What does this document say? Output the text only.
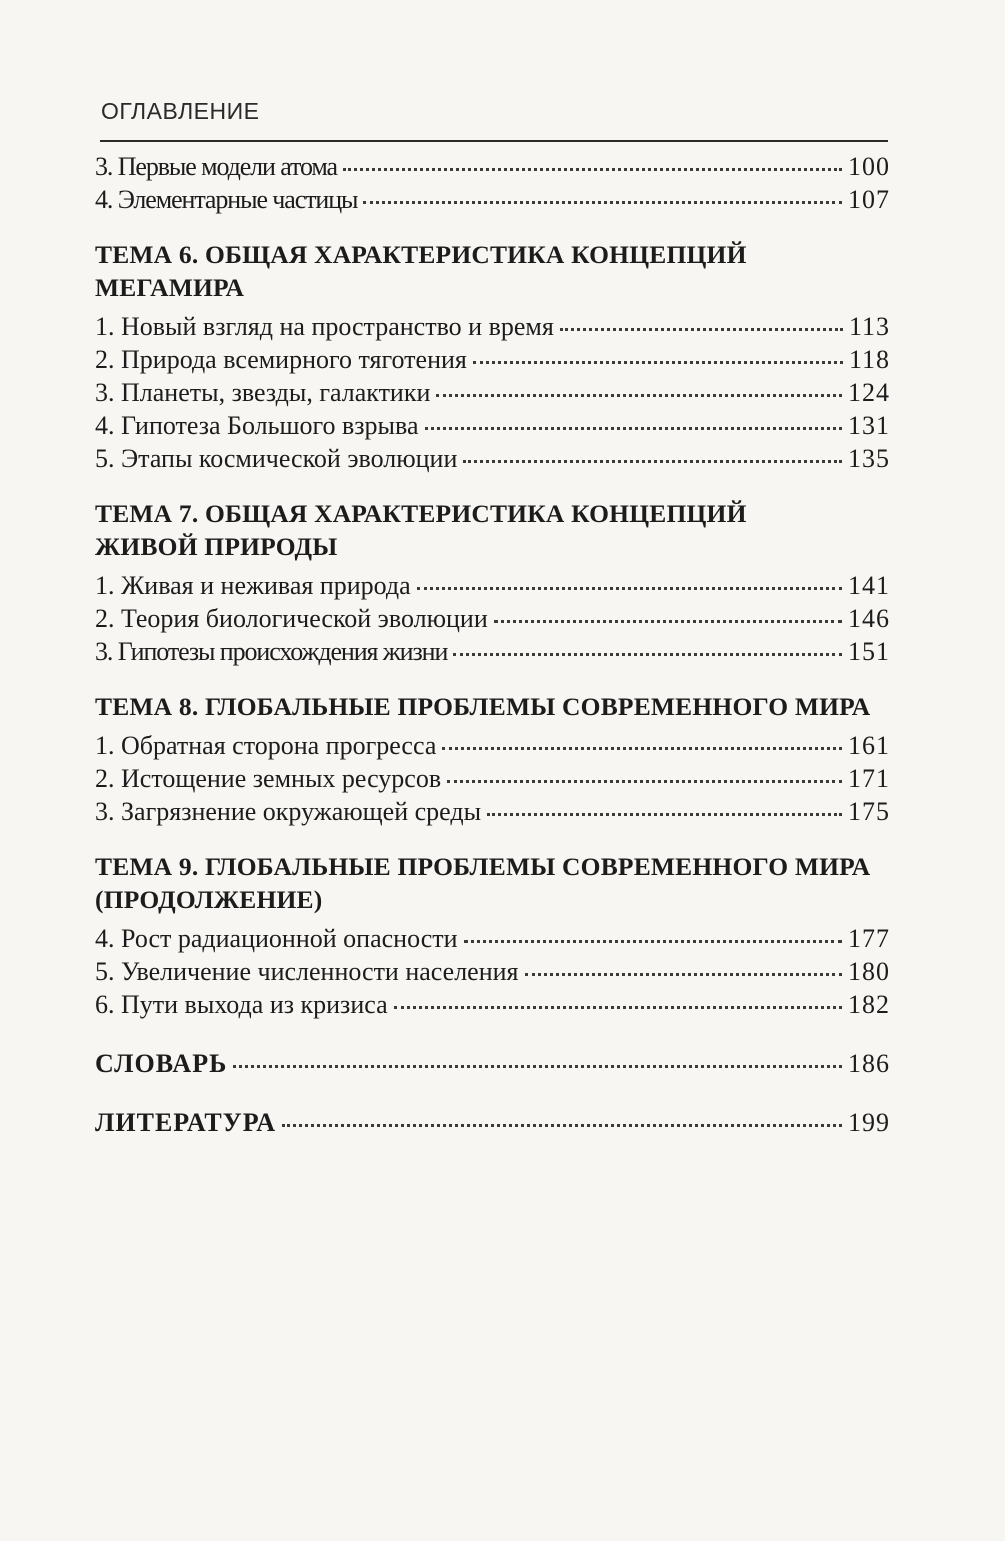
ОГЛАВЛЕНИЕ
3. Первые модели атома	100
4. Элементарные частицы	107
ТЕМА 6. ОБЩАЯ ХАРАКТЕРИСТИКА КОНЦЕПЦИЙ
МЕГАМИРА
1. Новый взгляд на пространство и время	113
2. Природа всемирного тяготения	118
3. Планеты, звезды, галактики	124
4. Гипотеза Большого взрыва	131
5. Этапы космической эволюции	135
ТЕМА 7. ОБЩАЯ ХАРАКТЕРИСТИКА КОНЦЕПЦИЙ
ЖИВОЙ ПРИРОДЫ
1. Живая и неживая природа	141
2. Теория биологической эволюции	146
3. Гипотезы происхождения жизни	151
ТЕМА 8. ГЛОБАЛЬНЫЕ ПРОБЛЕМЫ СОВРЕМЕННОГО МИРА
1. Обратная сторона прогресса	161
2. Истощение земных ресурсов	171
3. Загрязнение окружающей среды	175
ТЕМА 9. ГЛОБАЛЬНЫЕ ПРОБЛЕМЫ СОВРЕМЕННОГО МИРА
(ПРОДОЛЖЕНИЕ)
4. Рост радиационной опасности	177
5. Увеличение численности населения	180
6. Пути выхода из кризиса	182
СЛОВАРЬ	186
ЛИТЕРАТУРА	199
